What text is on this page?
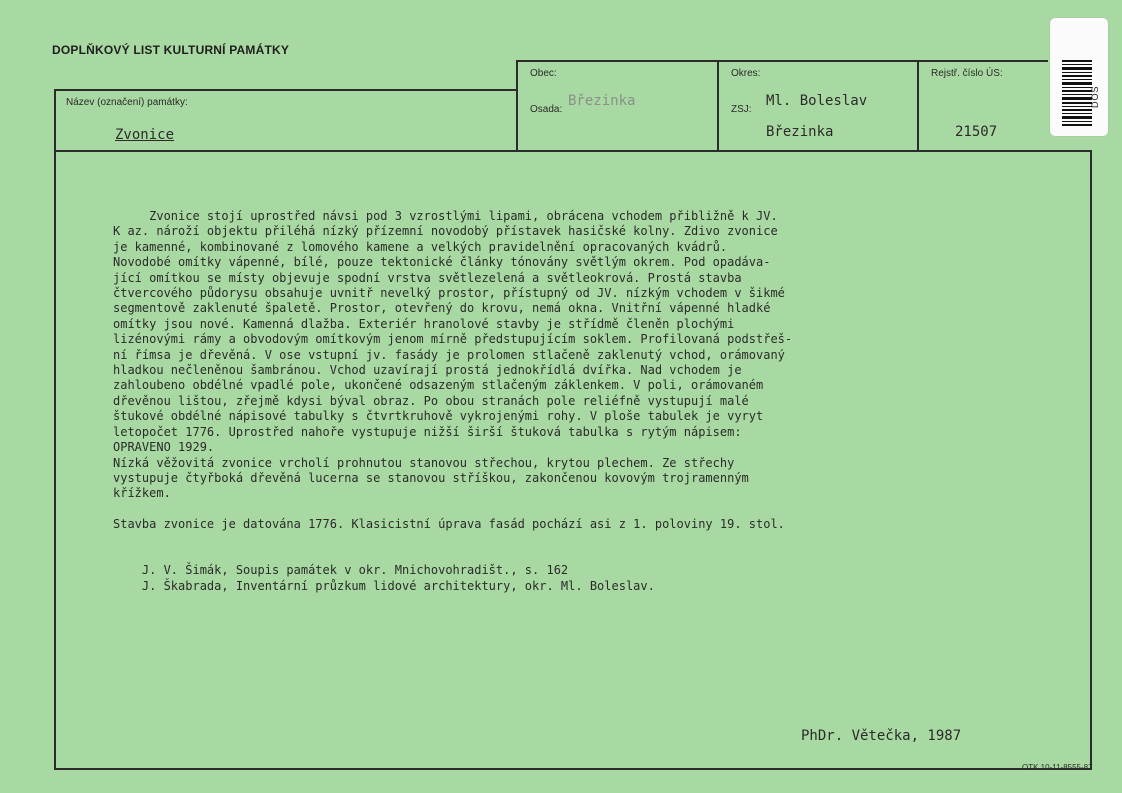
DOPLŇKOVÝ LIST KULTURNÍ PAMÁTKY
Obec:
Osada:
Březinka
Okres:
ZSJ:
Ml. Boleslav
Březinka
Rejstř. číslo ÚS:
21507
Název (označení) památky:
Zvonice
DOS
Zvonice stojí uprostřed návsi pod 3 vzrostlými lipami, obrácena vchodem přibližně k JV.
K az. nároží objektu přiléhá nízký přízemní novodobý přístavek hasičské kolny. Zdivo zvonice
je kamenné, kombinované z lomového kamene a velkých pravidelnění opracovaných kvádrů.
Novodobé omítky vápenné, bílé, pouze tektonické články tónovány světlým okrem. Pod opadáva-
jící omítkou se místy objevuje spodní vrstva světlezelená a světleokrová. Prostá stavba
čtvercového půdorysu obsahuje uvnitř nevelký prostor, přístupný od JV. nízkým vchodem v šikmé
segmentově zaklenuté špaletě. Prostor, otevřený do krovu, nemá okna. Vnitřní vápenné hladké
omítky jsou nové. Kamenná dlažba. Exteriér hranolové stavby je střídmě členěn plochými
lizénovými rámy a obvodovým omítkovým jenom mírně předstupujícím soklem. Profilovaná podstřeš-
ní římsa je dřevěná. V ose vstupní jv. fasády je prolomen stlačeně zaklenutý vchod, orámovaný
hladkou nečleněnou šambránou. Vchod uzavírají prostá jednokřídlá dvířka. Nad vchodem je
zahloubeno obdélné vpadlé pole, ukončené odsazeným stlačeným záklenkem. V poli, orámovaném
dřevěnou lištou, zřejmě kdysi býval obraz. Po obou stranách pole reliéfně vystupují malé
štukové obdélné nápisové tabulky s čtvrtkruhově vykrojenými rohy. V ploše tabulek je vyryt
letopočet 1776. Uprostřed nahoře vystupuje nižší širší štuková tabulka s rytým nápisem:
OPRAVENO 1929.
Nízká věžovitá zvonice vrcholí prohnutou stanovou střechou, krytou plechem. Ze střechy
vystupuje čtyřboká dřevěná lucerna se stanovou stříškou, zakončenou kovovým trojramenným
křížkem.

Stavba zvonice je datována 1776. Klasicistní úprava fasád pochází asi z 1. poloviny 19. stol.

J. V. Šimák, Soupis památek v okr. Mnichovohradišt., s. 162
J. Škabrada, Inventární průzkum lidové architektury, okr. Ml. Boleslav.
PhDr. Větečka, 1987
OTK 10-11-8555-87
